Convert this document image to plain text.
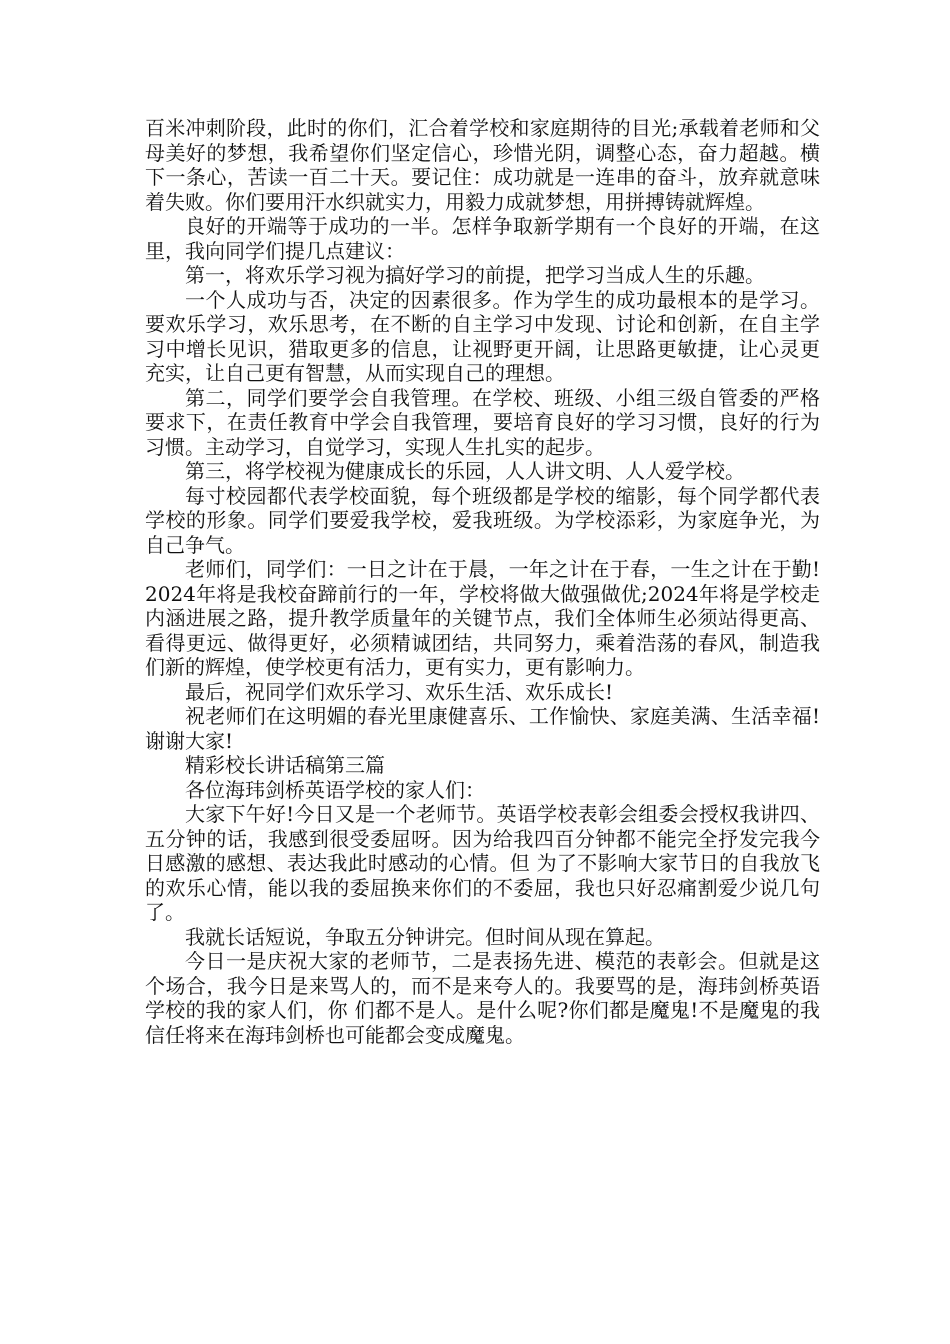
百米冲刺阶段，此时的你们，汇合着学校和家庭期待的目光;承载着老师和父母美好的梦想，我希望你们坚定信心，珍惜光阴，调整心态，奋力超越。横下一条心，苦读一百二十天。要记住：成功就是一连串的奋斗，放弃就意味着失败。你们要用汗水织就实力，用毅力成就梦想，用拼搏铸就辉煌。

良好的开端等于成功的一半。怎样争取新学期有一个良好的开端，在这里，我向同学们提几点建议：

第一，将欢乐学习视为搞好学习的前提，把学习当成人生的乐趣。

一个人成功与否，决定的因素很多。作为学生的成功最根本的是学习。要欢乐学习，欢乐思考，在不断的自主学习中发现、讨论和创新，在自主学习中增长见识，猎取更多的信息，让视野更开阔，让思路更敏捷，让心灵更充实，让自己更有智慧，从而实现自己的理想。

第二，同学们要学会自我管理。在学校、班级、小组三级自管委的严格要求下，在责任教育中学会自我管理，要培育良好的学习习惯，良好的行为习惯。主动学习，自觉学习，实现人生扎实的起步。

第三，将学校视为健康成长的乐园，人人讲文明、人人爱学校。

每寸校园都代表学校面貌，每个班级都是学校的缩影，每个同学都代表学校的形象。同学们要爱我学校，爱我班级。为学校添彩，为家庭争光，为自己争气。

老师们，同学们：一日之计在于晨，一年之计在于春，一生之计在于勤!2024年将是我校奋蹄前行的一年，学校将做大做强做优;2024年将是学校走内涵进展之路，提升教学质量年的关键节点，我们全体师生必须站得更高、看得更远、做得更好，必须精诚团结，共同努力，乘着浩荡的春风，制造我们新的辉煌，使学校更有活力，更有实力，更有影响力。

最后，祝同学们欢乐学习、欢乐生活、欢乐成长!

祝老师们在这明媚的春光里康健喜乐、工作愉快、家庭美满、生活幸福!谢谢大家!

精彩校长讲话稿第三篇

各位海玮剑桥英语学校的家人们：

大家下午好!今日又是一个老师节。英语学校表彰会组委会授权我讲四、五分钟的话，我感到很受委屈呀。因为给我四百分钟都不能完全抒发完我今日感激的感想、表达我此时感动的心情。但 为了不影响大家节日的自我放飞的欢乐心情，能以我的委屈换来你们的不委屈，我也只好忍痛割爱少说几句了。

我就长话短说，争取五分钟讲完。但时间从现在算起。

今日一是庆祝大家的老师节，二是表扬先进、模范的表彰会。但就是这个场合，我今日是来骂人的，而不是来夸人的。我要骂的是，海玮剑桥英语学校的我的家人们，你 们都不是人。是什么呢?你们都是魔鬼!不是魔鬼的我信任将来在海玮剑桥也可能都会变成魔鬼。
